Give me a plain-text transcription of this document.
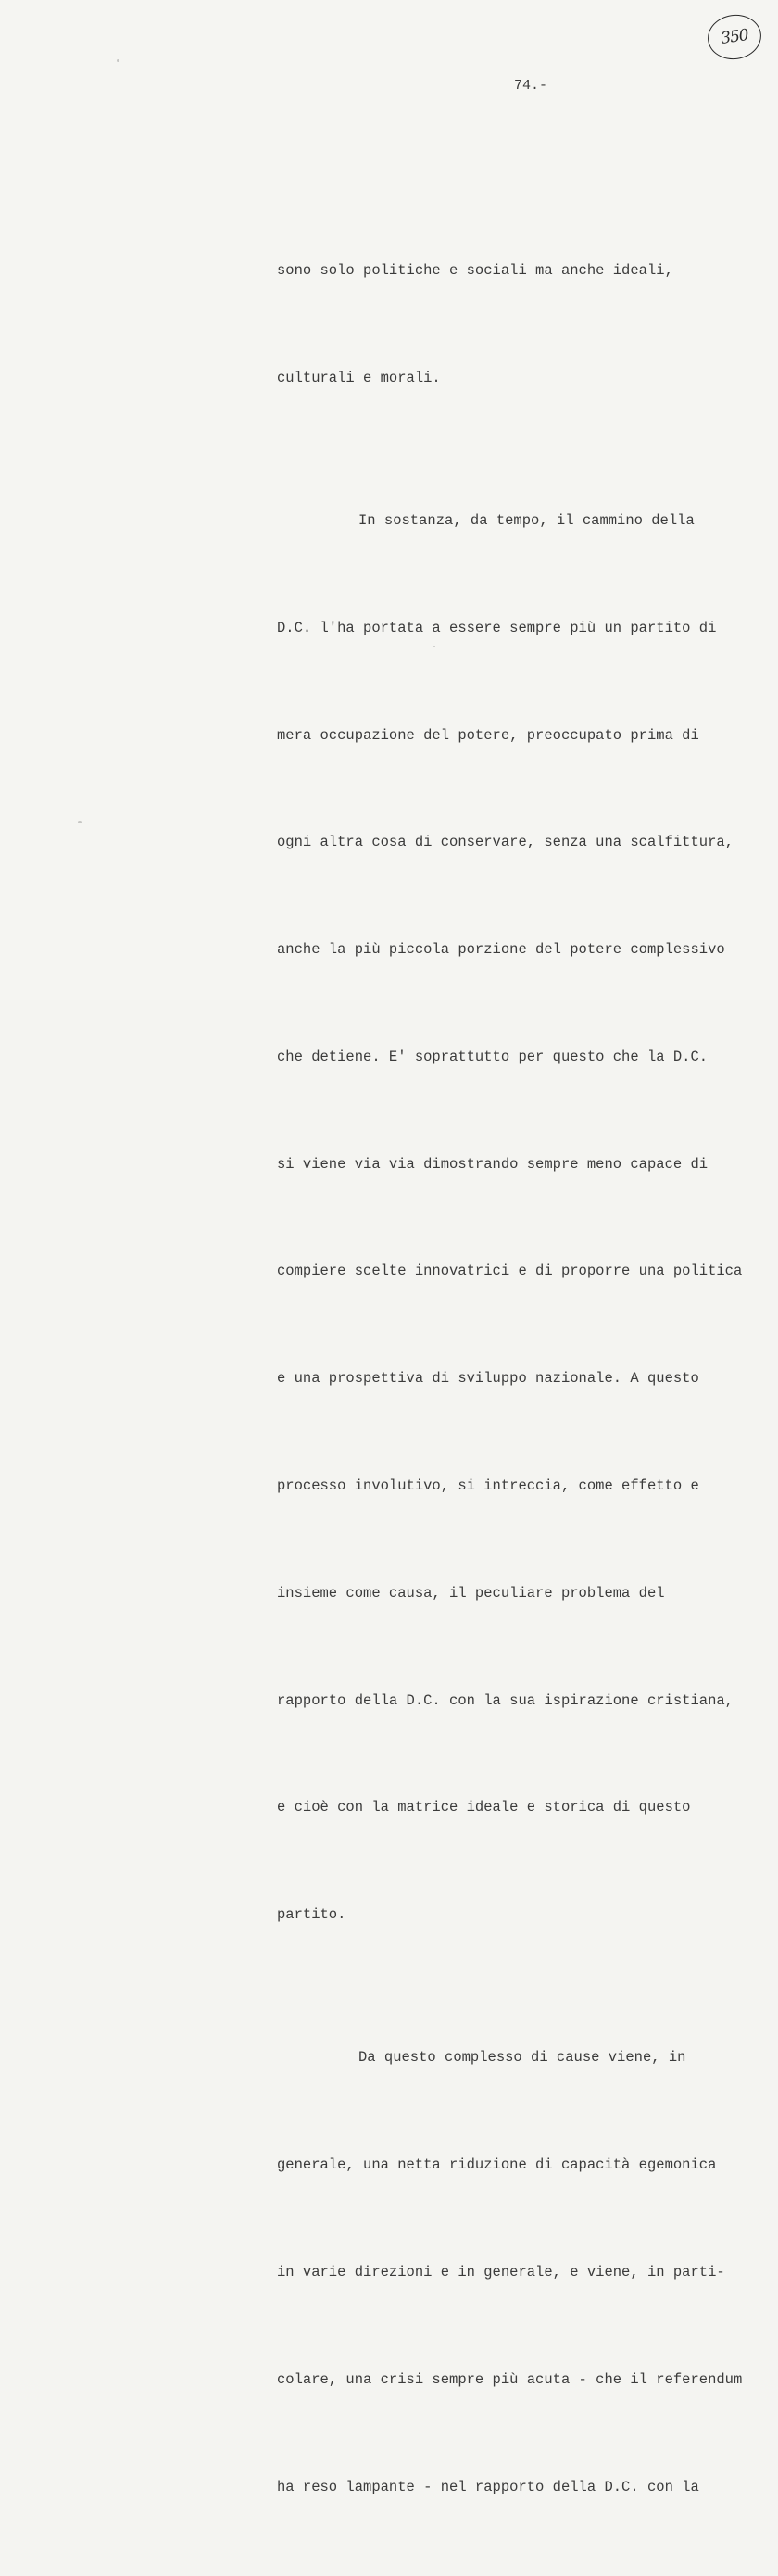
350
74.-

sono solo politiche e sociali ma anche ideali,

culturali e morali.

In sostanza, da tempo, il cammino della

D.C. l'ha portata a essere sempre più un partito di

mera occupazione del potere, preoccupato prima di

ogni altra cosa di conservare, senza una scalfittura,

anche la più piccola porzione del potere complessivo

che detiene. E' soprattutto per questo che la D.C.

si viene via via dimostrando sempre meno capace di

compiere scelte innovatrici e di proporre una politica

e una prospettiva di sviluppo nazionale. A questo

processo involutivo, si intreccia, come effetto e

insieme come causa, il peculiare problema del

rapporto della D.C. con la sua ispirazione cristiana,

e cioè con la matrice ideale e storica di questo

partito.

Da questo complesso di cause viene, in

generale, una netta riduzione di capacità egemonica

in varie direzioni e in generale, e viene, in parti-

colare, una crisi sempre più acuta - che il referendum

ha reso lampante - nel rapporto della D.C. con la
